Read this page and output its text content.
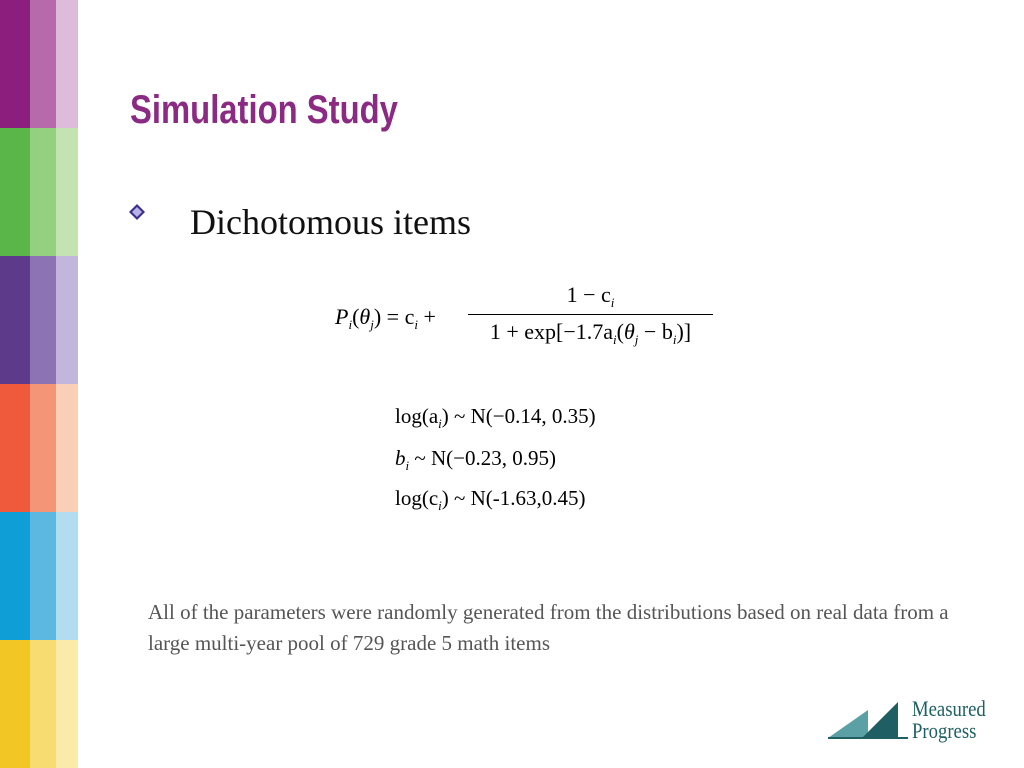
Simulation Study
Dichotomous items
$P_i(\theta_j) = c_i$ +
$1 - c_i$
$1 + \exp[-1.7a_i(\theta_j - b_i)]$
$\log(a_i)$ ~ N(−0.14, 0.35)
$b_i$ ~ N(−0.23, 0.95)
$\log(c_i)$ ~ N(-1.63,0.45)
All of the parameters were randomly generated from the distributions based on real data from a large multi-year pool of 729 grade 5 math items
Measured
Progress
